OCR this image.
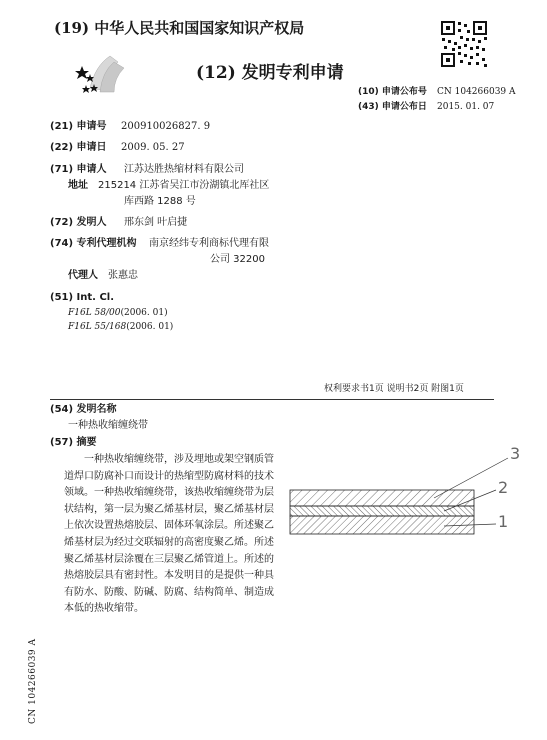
(19) 中华人民共和国国家知识产权局
(12) 发明专利申请
(10) 申请公布号 CN 104266039 A
(43) 申请公布日 2015. 01. 07
(21) 申请号 200910026827. 9
(22) 申请日 2009. 05. 27
(71) 申请人 江苏达胜热缩材料有限公司
地址 215214 江苏省吴江市汾湖镇北厍社区
库西路 1288 号
(72) 发明人 邢东剑 叶启捷
(74) 专利代理机构 南京经纬专利商标代理有限
公司 32200
代理人 张惠忠
(51) Int. Cl.
F16L 58/00(2006. 01)
F16L 55/168(2006. 01)
权利要求书1页 说明书2页 附图1页
(54) 发明名称
一种热收缩缠绕带
(57) 摘要

一种热收缩缠绕带，涉及埋地或架空钢质管道焊口防腐补口而设计的热缩型防腐材料的技术领域。一种热收缩缠绕带，该热收缩缠绕带为层状结构，第一层为聚乙烯基材层，聚乙烯基材层上依次设置热熔胶层、固体环氧涂层。所述聚乙烯基材层为经过交联辐射的高密度聚乙烯。所述聚乙烯基材层涂覆在三层聚乙烯管道上。所述的热熔胶层具有密封性。本发明目的是提供一种具有防水、防酸、防碱、防腐、结构简单、制造成本低的热收缩带。

3
2
1
CN 104266039 A
